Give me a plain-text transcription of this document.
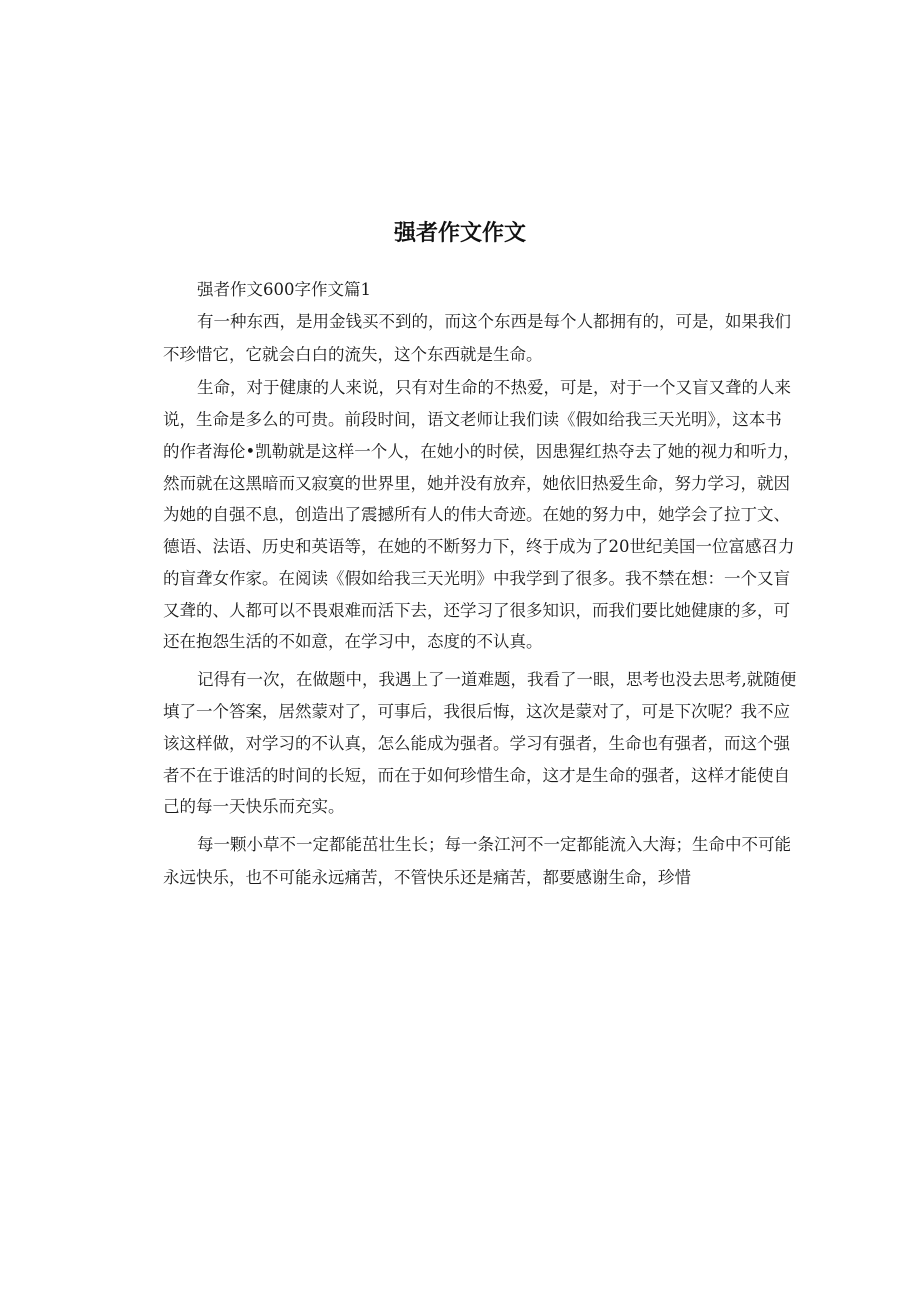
强者作文作文
强者作文600字作文篇1
有一种东西，是用金钱买不到的，而这个东西是每个人都拥有的，可是，如果我们
不珍惜它，它就会白白的流失，这个东西就是生命。
生命，对于健康的人来说，只有对生命的不热爱，可是，对于一个又盲又聋的人来
说，生命是多么的可贵。前段时间，语文老师让我们读《假如给我三天光明》，这本书
的作者海伦•凯勒就是这样一个人，在她小的时侯，因患猩红热夺去了她的视力和听力，
然而就在这黑暗而又寂寞的世界里，她并没有放弃，她依旧热爱生命，努力学习，就因
为她的自强不息，创造出了震撼所有人的伟大奇迹。在她的努力中，她学会了拉丁文、
德语、法语、历史和英语等，在她的不断努力下，终于成为了20世纪美国一位富感召力
的盲聋女作家。在阅读《假如给我三天光明》中我学到了很多。我不禁在想：一个又盲
又聋的、人都可以不畏艰难而活下去，还学习了很多知识，而我们要比她健康的多，可
还在抱怨生活的不如意，在学习中，态度的不认真。
记得有一次，在做题中，我遇上了一道难题，我看了一眼，思考也没去思考,就随便
填了一个答案，居然蒙对了，可事后，我很后悔，这次是蒙对了，可是下次呢？我不应
该这样做，对学习的不认真，怎么能成为强者。学习有强者，生命也有强者，而这个强
者不在于谁活的时间的长短，而在于如何珍惜生命，这才是生命的强者，这样才能使自
己的每一天快乐而充实。
每一颗小草不一定都能茁壮生长；每一条江河不一定都能流入大海；生命中不可能
永远快乐，也不可能永远痛苦，不管快乐还是痛苦，都要感谢生命，珍惜
